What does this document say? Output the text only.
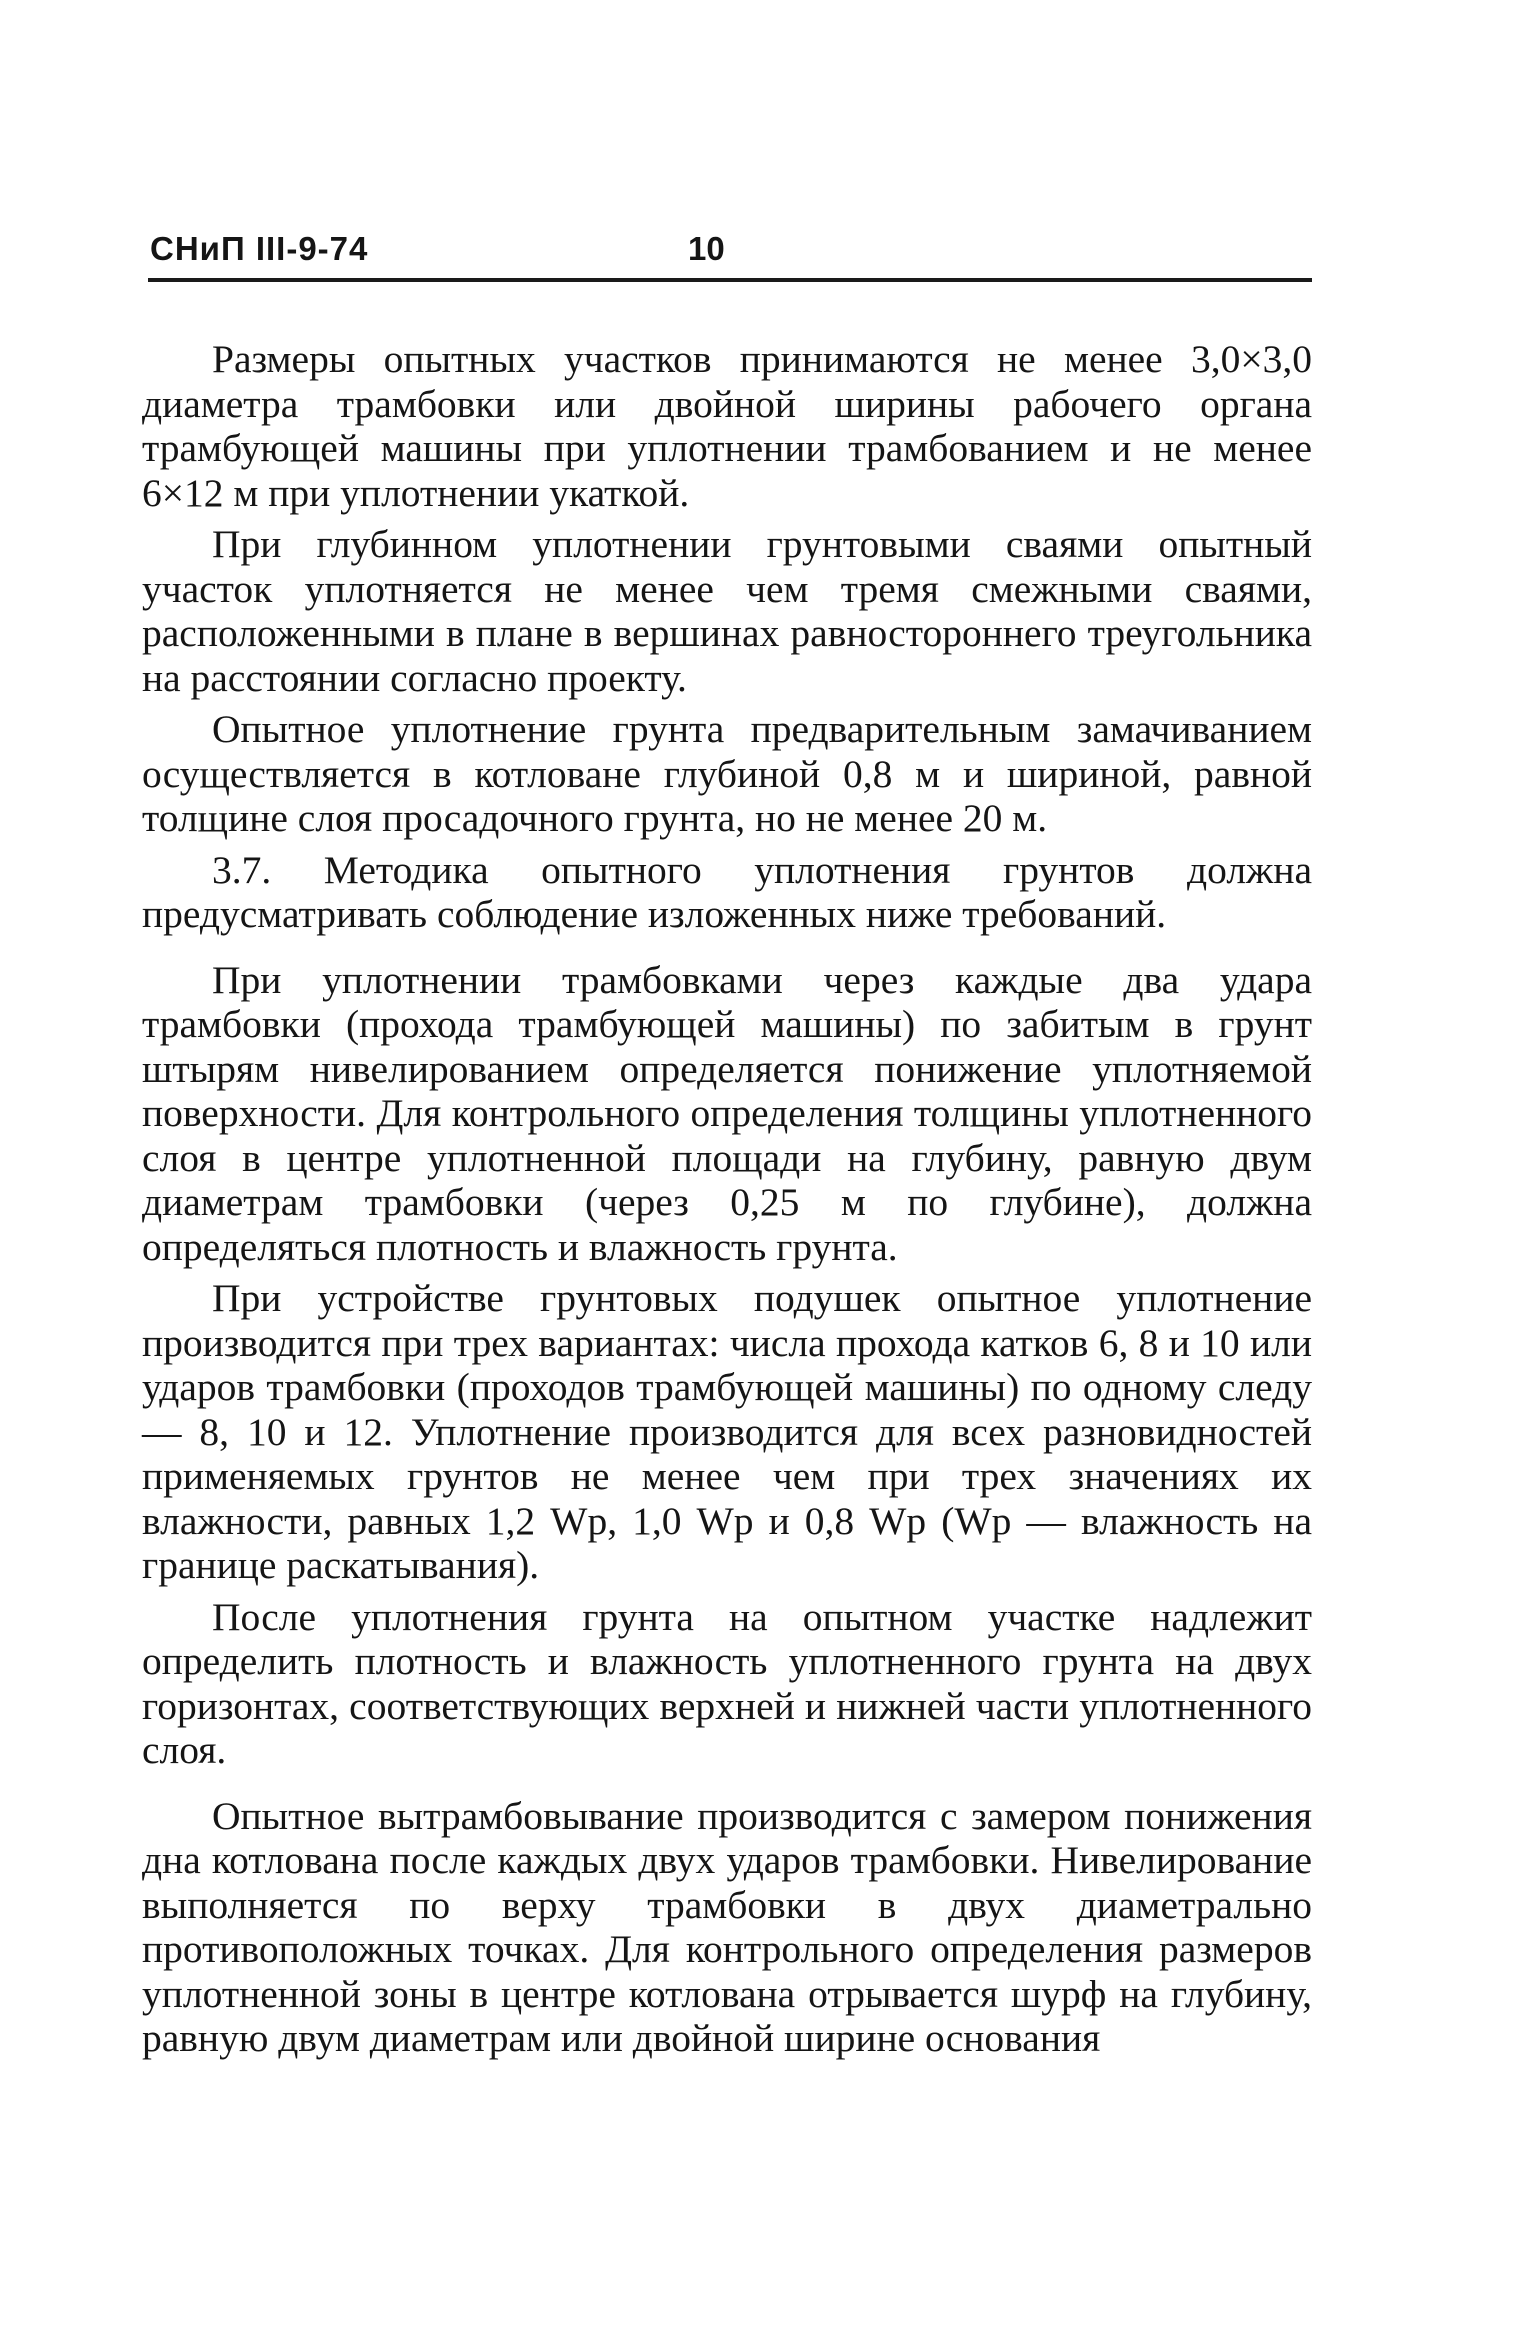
СНиП III-9-74	10

Размеры опытных участков принимаются не менее 3,0×3,0 диаметра трамбовки или двойной ширины рабочего органа трамбующей машины при уплотнении трамбованием и не менее 6×12 м при уплотнении укаткой.

При глубинном уплотнении грунтовыми сваями опытный участок уплотняется не менее чем тремя смежными сваями, расположенными в плане в вершинах равностороннего треугольника на расстоянии согласно проекту.

Опытное уплотнение грунта предварительным замачиванием осуществляется в котловане глубиной 0,8 м и шириной, равной толщине слоя просадочного грунта, но не менее 20 м.

3.7. Методика опытного уплотнения грунтов должна предусматривать соблюдение изложенных ниже требований.

При уплотнении трамбовками через каждые два удара трамбовки (прохода трамбующей машины) по забитым в грунт штырям нивелированием определяется понижение уплотняемой поверхности. Для контрольного определения толщины уплотненного слоя в центре уплотненной площади на глубину, равную двум диаметрам трамбовки (через 0,25 м по глубине), должна определяться плотность и влажность грунта.

При устройстве грунтовых подушек опытное уплотнение производится при трех вариантах: числа прохода катков 6, 8 и 10 или ударов трамбовки (проходов трамбующей машины) по одному следу — 8, 10 и 12. Уплотнение производится для всех разновидностей применяемых грунтов не менее чем при трех значениях их влажности, равных 1,2 Wр, 1,0 Wр и 0,8 Wр (Wр — влажность на границе раскатывания).

После уплотнения грунта на опытном участке надлежит определить плотность и влажность уплотненного грунта на двух горизонтах, соответствующих верхней и нижней части уплотненного слоя.

Опытное вытрамбовывание производится с замером понижения дна котлована после каждых двух ударов трамбовки. Нивелирование выполняется по верху трамбовки в двух диаметрально противоположных точках. Для контрольного определения размеров уплотненной зоны в центре котлована отрывается шурф на глубину, равную двум диаметрам или двойной ширине основания
